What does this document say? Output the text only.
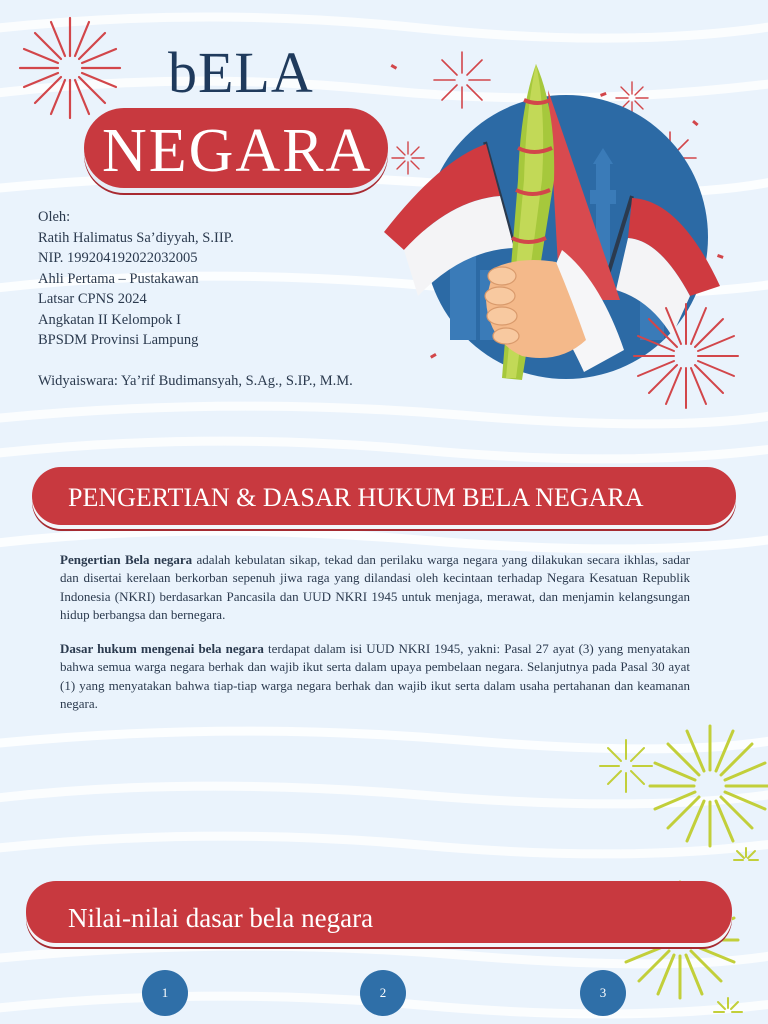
bELA
NEGARA
Oleh:
Ratih Halimatus Sa’diyyah, S.IIP.
NIP. 199204192022032005
Ahli Pertama – Pustakawan
Latsar CPNS 2024
Angkatan II Kelompok I
BPSDM Provinsi Lampung
Widyaiswara: Ya’rif Budimansyah, S.Ag., S.IP., M.M.
PENGERTIAN & DASAR HUKUM BELA NEGARA
Pengertian Bela negara adalah kebulatan sikap, tekad dan perilaku warga negara yang dilakukan secara ikhlas, sadar dan disertai kerelaan berkorban sepenuh jiwa raga yang dilandasi oleh kecintaan terhadap Negara Kesatuan Republik Indonesia (NKRI) berdasarkan Pancasila dan UUD NKRI 1945 untuk menjaga, merawat, dan menjamin kelangsungan hidup berbangsa dan bernegara.
Dasar hukum mengenai bela negara terdapat dalam isi UUD NKRI 1945, yakni: Pasal 27 ayat (3) yang menyatakan bahwa semua warga negara berhak dan wajib ikut serta dalam upaya pembelaan negara. Selanjutnya pada Pasal 30 ayat (1) yang menyatakan bahwa tiap-tiap warga negara berhak dan wajib ikut serta dalam usaha pertahanan dan keamanan negara.
Nilai-nilai dasar bela negara
1	2	3
